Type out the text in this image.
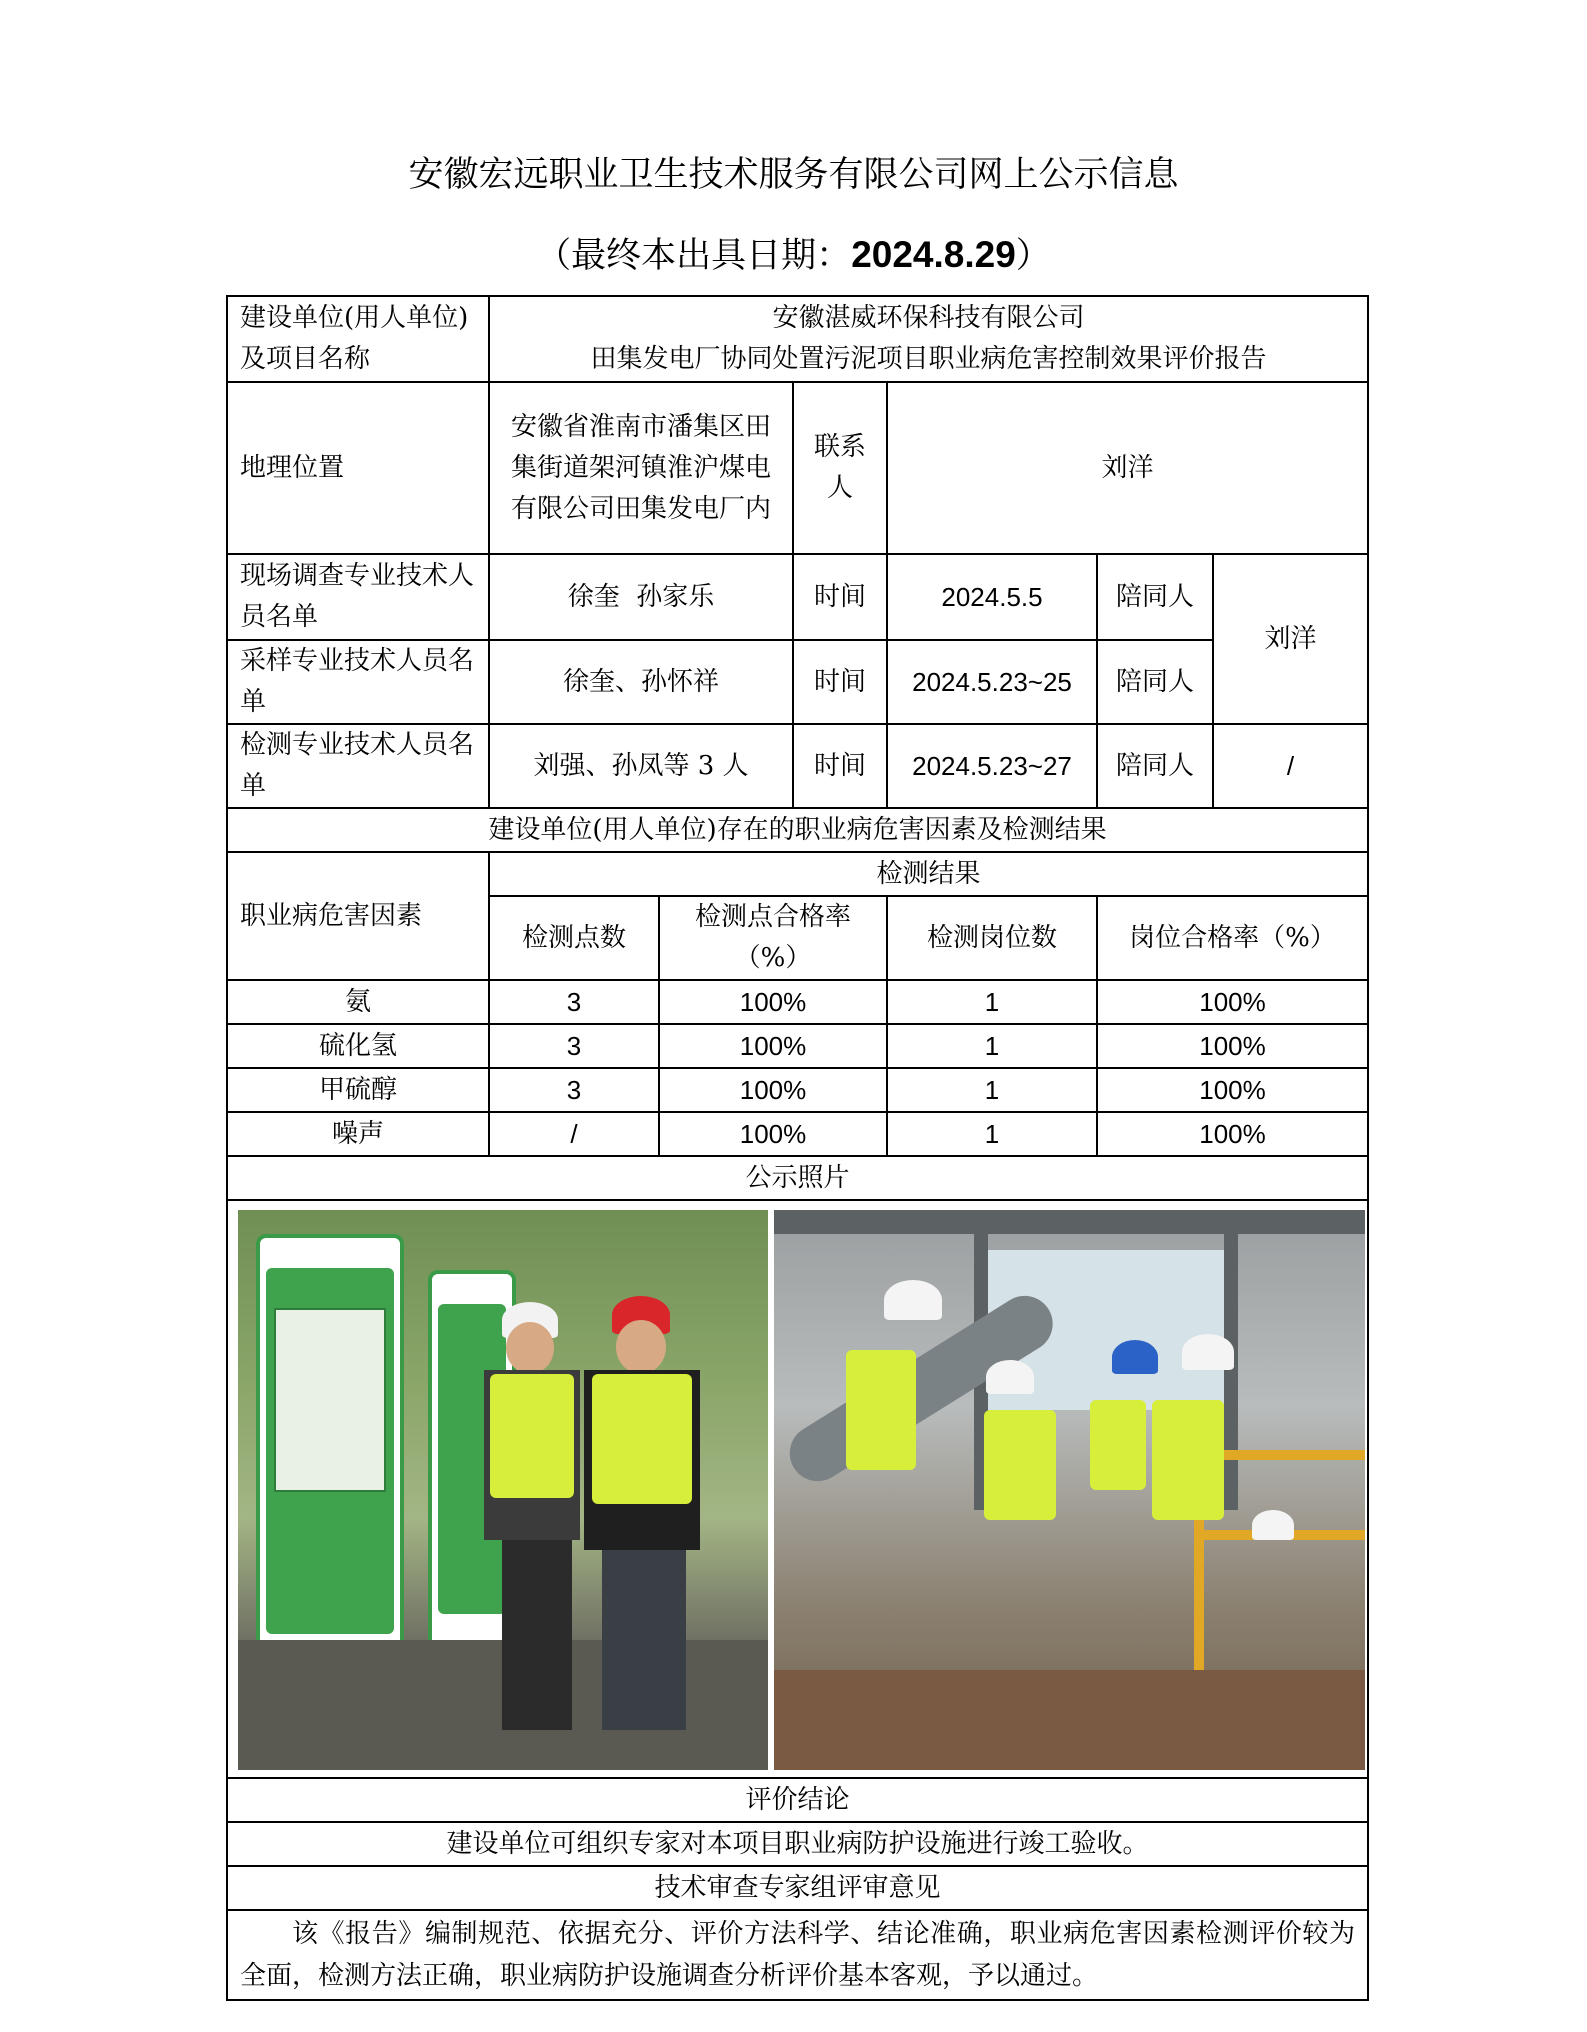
安徽宏远职业卫生技术服务有限公司网上公示信息
（最终本出具日期：2024.8.29）
建设单位(用人单位)及项目名称	安徽湛威环保科技有限公司
田集发电厂协同处置污泥项目职业病危害控制效果评价报告					

地理位置	安徽省淮南市潘集区田集街道架河镇淮沪煤电有限公司田集发电厂内		联系人	刘洋		
现场调查专业技术人员名单	徐奎  孙家乐		时间	2024.5.5	陪同人	刘洋
采样专业技术人员名单	徐奎、孙怀祥		时间	2024.5.23~25	陪同人	
检测专业技术人员名单	刘强、孙凤等 3 人		时间	2024.5.23~27	陪同人	/
建设单位(用人单位)存在的职业病危害因素及检测结果						
职业病危害因素	检测结果					
	检测点数	检测点合格率（%）		检测岗位数	岗位合格率（%）	
氨	3	100%		1	100%	
硫化氢	3	100%		1	100%	
甲硫醇	3	100%		1	100%	
噪声	/	100%		1	100%	
公示照片						

评价结论						
建设单位可组织专家对本项目职业病防护设施进行竣工验收。						
技术审查专家组评审意见						
该《报告》编制规范、依据充分、评价方法科学、结论准确，职业病危害因素检测评价较为全面，检测方法正确，职业病防护设施调查分析评价基本客观，予以通过。						
